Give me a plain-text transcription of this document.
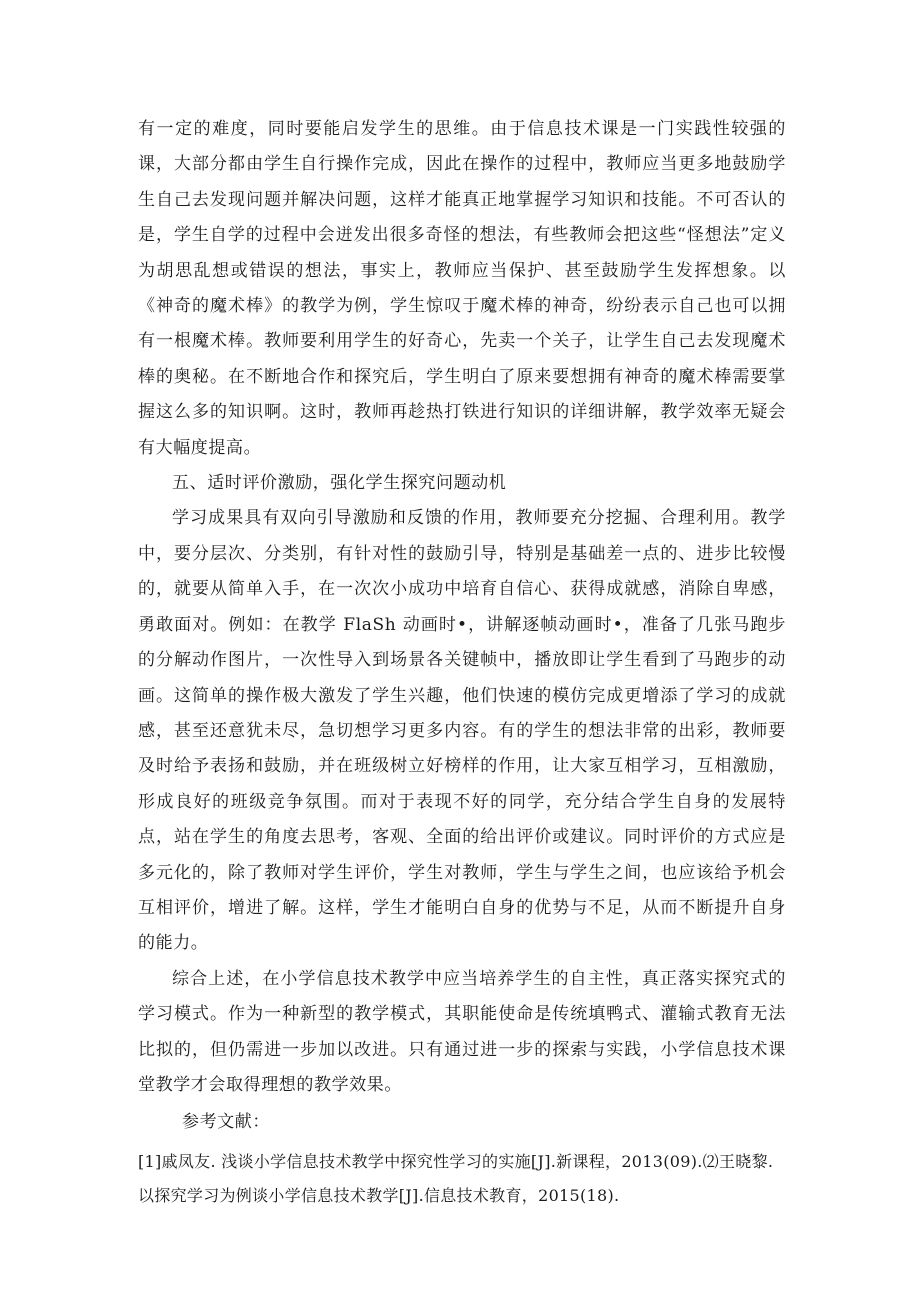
有一定的难度，同时要能启发学生的思维。由于信息技术课是一门实践性较强的课，大部分都由学生自行操作完成，因此在操作的过程中，教师应当更多地鼓励学生自己去发现问题并解决问题，这样才能真正地掌握学习知识和技能。不可否认的是，学生自学的过程中会迸发出很多奇怪的想法，有些教师会把这些“怪想法”定义为胡思乱想或错误的想法，事实上，教师应当保护、甚至鼓励学生发挥想象。以《神奇的魔术棒》的教学为例，学生惊叹于魔术棒的神奇，纷纷表示自己也可以拥有一根魔术棒。教师要利用学生的好奇心，先卖一个关子，让学生自己去发现魔术棒的奥秘。在不断地合作和探究后，学生明白了原来要想拥有神奇的魔术棒需要掌握这么多的知识啊。这时，教师再趁热打铁进行知识的详细讲解，教学效率无疑会有大幅度提高。

五、适时评价激励，强化学生探究问题动机

学习成果具有双向引导激励和反馈的作用，教师要充分挖掘、合理利用。教学中，要分层次、分类别，有针对性的鼓励引导，特别是基础差一点的、进步比较慢的，就要从简单入手，在一次次小成功中培育自信心、获得成就感，消除自卑感，勇敢面对。例如：在教学 FlaSh 动画时•，讲解逐帧动画时•，准备了几张马跑步的分解动作图片，一次性导入到场景各关键帧中，播放即让学生看到了马跑步的动画。这简单的操作极大激发了学生兴趣，他们快速的模仿完成更增添了学习的成就感，甚至还意犹未尽，急切想学习更多内容。有的学生的想法非常的出彩，教师要及时给予表扬和鼓励，并在班级树立好榜样的作用，让大家互相学习，互相激励，形成良好的班级竞争氛围。而对于表现不好的同学，充分结合学生自身的发展特点，站在学生的角度去思考，客观、全面的给出评价或建议。同时评价的方式应是多元化的，除了教师对学生评价，学生对教师，学生与学生之间，也应该给予机会互相评价，增进了解。这样，学生才能明白自身的优势与不足，从而不断提升自身的能力。

综合上述，在小学信息技术教学中应当培养学生的自主性，真正落实探究式的学习模式。作为一种新型的教学模式，其职能使命是传统填鸭式、灌输式教育无法比拟的，但仍需进一步加以改进。只有通过进一步的探索与实践，小学信息技术课堂教学才会取得理想的教学效果。

参考文献：

[1]戚凤友. 浅谈小学信息技术教学中探究性学习的实施[J].新课程，2013(09).⑵王晓黎.

以探究学习为例谈小学信息技术教学[J].信息技术教育，2015(18).
